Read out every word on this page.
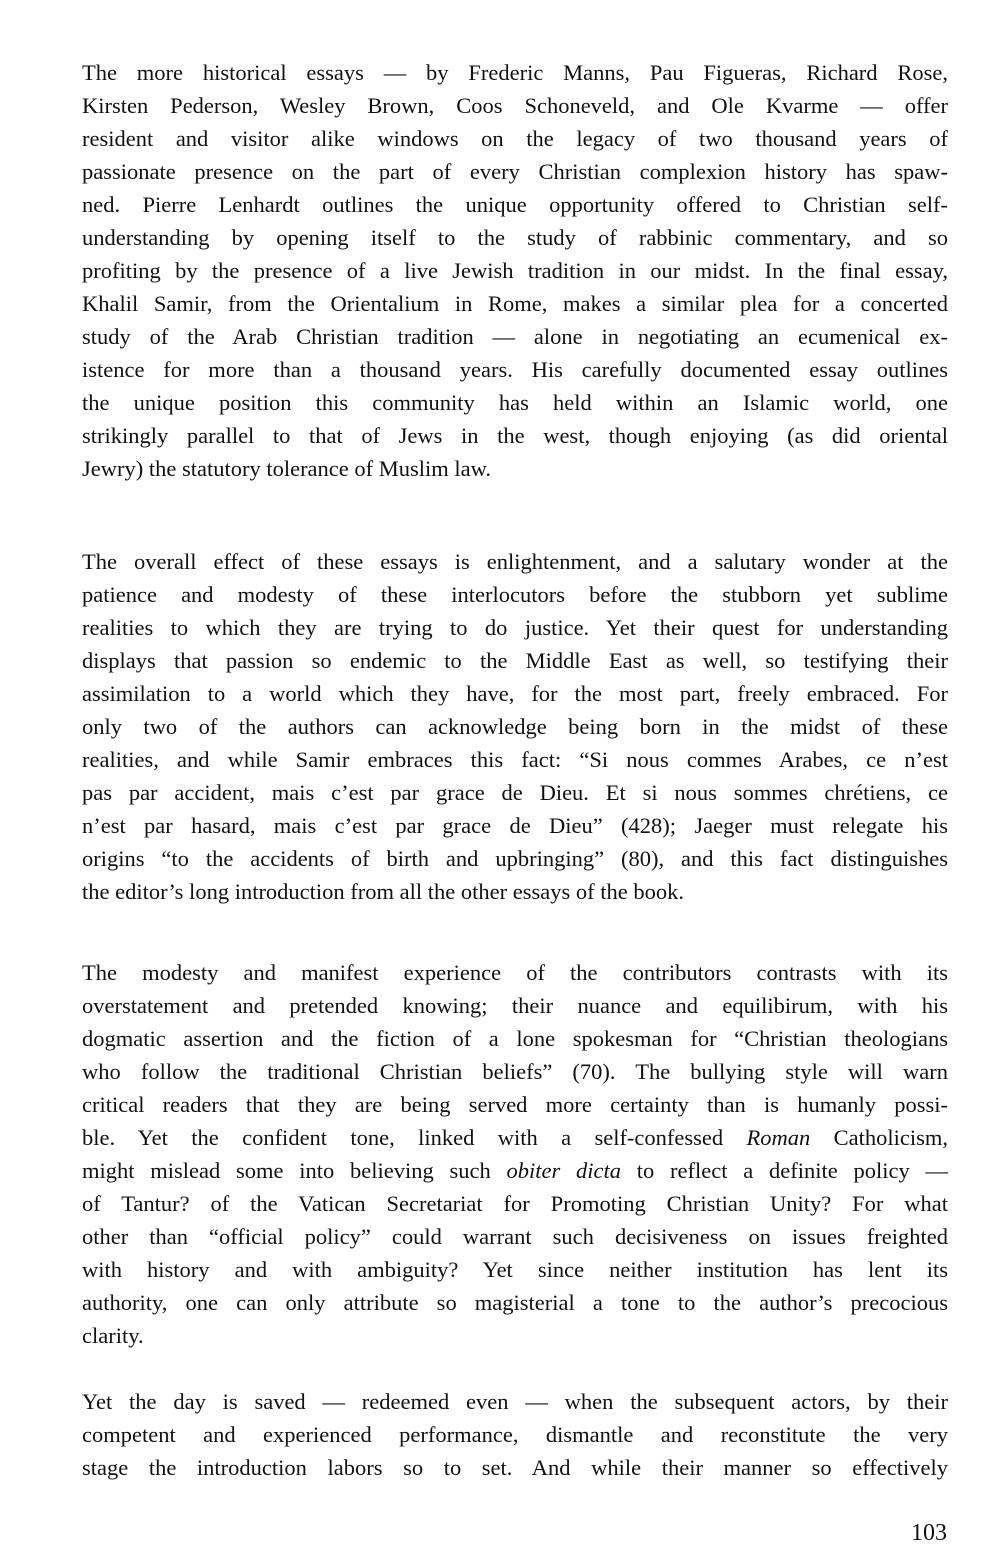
The more historical essays — by Frederic Manns, Pau Figueras, Richard Rose,
Kirsten Pederson, Wesley Brown, Coos Schoneveld, and Ole Kvarme — offer
resident and visitor alike windows on the legacy of two thousand years of
passionate presence on the part of every Christian complexion history has spaw-
ned. Pierre Lenhardt outlines the unique opportunity offered to Christian self-
understanding by opening itself to the study of rabbinic commentary, and so
profiting by the presence of a live Jewish tradition in our midst. In the final essay,
Khalil Samir, from the Orientalium in Rome, makes a similar plea for a concerted
study of the Arab Christian tradition — alone in negotiating an ecumenical ex-
istence for more than a thousand years. His carefully documented essay outlines
the unique position this community has held within an Islamic world, one
strikingly parallel to that of Jews in the west, though enjoying (as did oriental
Jewry) the statutory tolerance of Muslim law.
The overall effect of these essays is enlightenment, and a salutary wonder at the
patience and modesty of these interlocutors before the stubborn yet sublime
realities to which they are trying to do justice. Yet their quest for understanding
displays that passion so endemic to the Middle East as well, so testifying their
assimilation to a world which they have, for the most part, freely embraced. For
only two of the authors can acknowledge being born in the midst of these
realities, and while Samir embraces this fact: “Si nous commes Arabes, ce n’est
pas par accident, mais c’est par grace de Dieu. Et si nous sommes chrétiens, ce
n’est par hasard, mais c’est par grace de Dieu” (428); Jaeger must relegate his
origins “to the accidents of birth and upbringing” (80), and this fact distinguishes
the editor’s long introduction from all the other essays of the book.
The modesty and manifest experience of the contributors contrasts with its
overstatement and pretended knowing; their nuance and equilibirum, with his
dogmatic assertion and the fiction of a lone spokesman for “Christian theologians
who follow the traditional Christian beliefs” (70). The bullying style will warn
critical readers that they are being served more certainty than is humanly possi-
ble. Yet the confident tone, linked with a self-confessed Roman Catholicism,
might mislead some into believing such obiter dicta to reflect a definite policy —
of Tantur? of the Vatican Secretariat for Promoting Christian Unity? For what
other than “official policy” could warrant such decisiveness on issues freighted
with history and with ambiguity? Yet since neither institution has lent its
authority, one can only attribute so magisterial a tone to the author’s precocious
clarity.
Yet the day is saved — redeemed even — when the subsequent actors, by their
competent and experienced performance, dismantle and reconstitute the very
stage the introduction labors so to set. And while their manner so effectively
103
